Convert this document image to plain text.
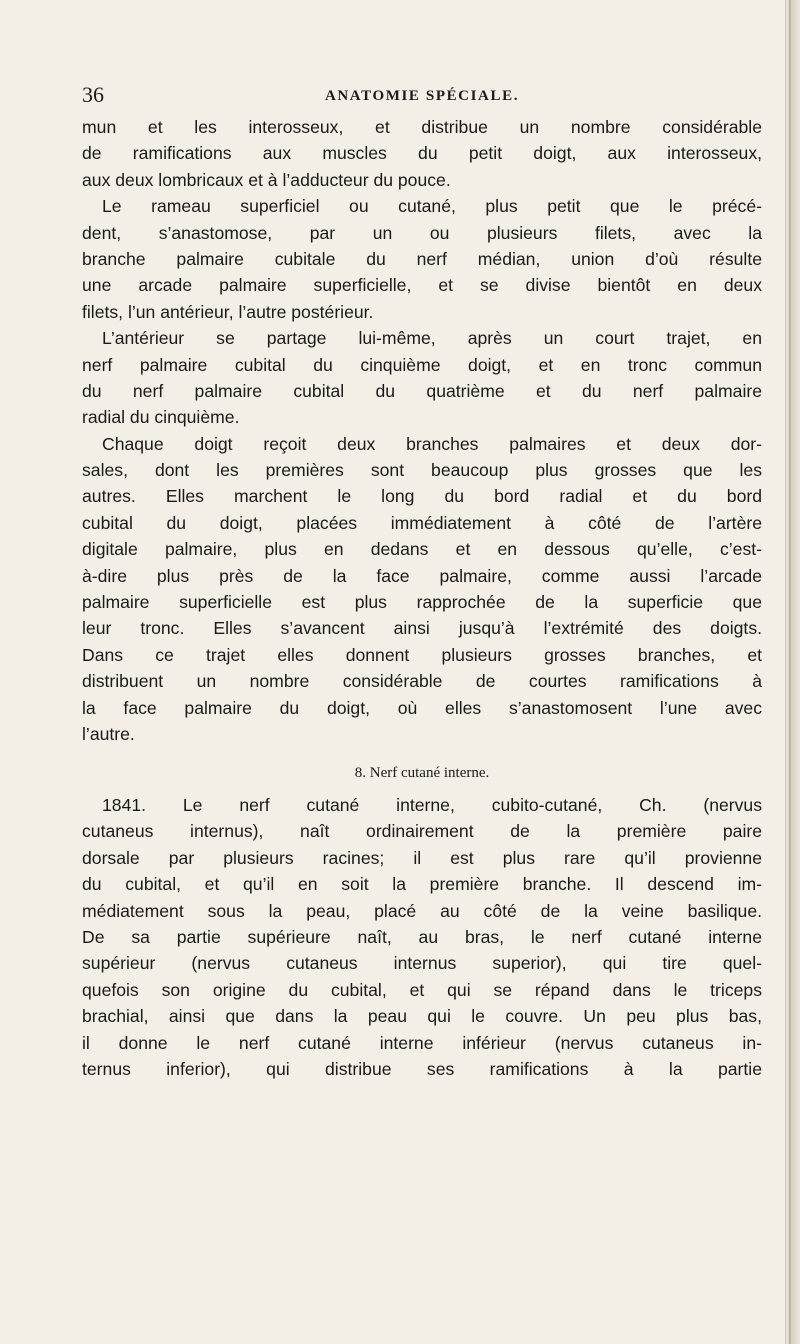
36	ANATOMIE SPÉCIALE.
mun et les interosseux, et distribue un nombre considérable
de ramifications aux muscles du petit doigt, aux interosseux,
aux deux lombricaux et à l’adducteur du pouce.
Le rameau superficiel ou cutané, plus petit que le précé-
dent, s’anastomose, par un ou plusieurs filets, avec la
branche palmaire cubitale du nerf médian, union d’où résulte
une arcade palmaire superficielle, et se divise bientôt en deux
filets, l’un antérieur, l’autre postérieur.
L’antérieur se partage lui-même, après un court trajet, en
nerf palmaire cubital du cinquième doigt, et en tronc commun
du nerf palmaire cubital du quatrième et du nerf palmaire
radial du cinquième.
Chaque doigt reçoit deux branches palmaires et deux dor-
sales, dont les premières sont beaucoup plus grosses que les
autres. Elles marchent le long du bord radial et du bord
cubital du doigt, placées immédiatement à côté de l’artère
digitale palmaire, plus en dedans et en dessous qu’elle, c’est-
à-dire plus près de la face palmaire, comme aussi l’arcade
palmaire superficielle est plus rapprochée de la superficie que
leur tronc. Elles s’avancent ainsi jusqu’à l’extrémité des doigts.
Dans ce trajet elles donnent plusieurs grosses branches, et
distribuent un nombre considérable de courtes ramifications à
la face palmaire du doigt, où elles s’anastomosent l’une avec
l’autre.
8. Nerf cutané interne.
1841. Le nerf cutané interne, cubito-cutané, Ch. (nervus
cutaneus internus), naît ordinairement de la première paire
dorsale par plusieurs racines; il est plus rare qu’il provienne
du cubital, et qu’il en soit la première branche. Il descend im-
médiatement sous la peau, placé au côté de la veine basilique.
De sa partie supérieure naît, au bras, le nerf cutané interne
supérieur (nervus cutaneus internus superior), qui tire quel-
quefois son origine du cubital, et qui se répand dans le triceps
brachial, ainsi que dans la peau qui le couvre. Un peu plus bas,
il donne le nerf cutané interne inférieur (nervus cutaneus in-
ternus inferior), qui distribue ses ramifications à la partie
